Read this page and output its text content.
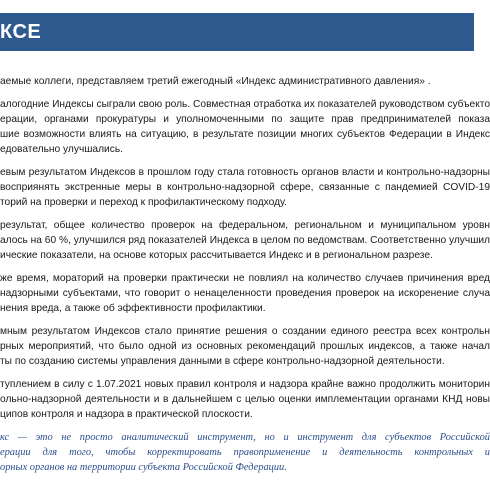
КСЕ

аемые коллеги, представляем третий ежегодный «Индекс административного давления» .

алогодние Индексы сыграли свою роль. Совместная отработка их показателей руководством субъекто
ерации, органами прокуратуры и уполномоченными по защите прав предпринимателей показа
шие возможности влиять на ситуацию, в результате позиции многих субъектов Федерации в Индекс
едовательно улучшались.

евым результатом Индексов в прошлом году стала готовность органов власти и контрольно-надзорны
восприянять экстренные меры в контрольно-надзорной сфере, связанные с пандемией COVID-19
торий на проверки и переход к профилактическому подходу.

результат, общее количество проверок на федеральном, региональном и муниципальном уровн
алось на 60 %, улучшился ряд показателей Индекса в целом по ведомствам. Соответственно улучшил
ические показатели, на основе которых рассчитывается Индекс и в региональном разрезе.

же время, мораторий на проверки практически не повлиял на количество случаев причинения вред
надзорными субъектами, что говорит о ненацеленности проведения проверок на искоренение случа
нения вреда, а также об эффективности профилактики.

мным результатом Индексов стало принятие решения о создании единого реестра всех контрольн
рных мероприятий, что было одной из основных рекомендаций прошлых индексов, а также начал
ты по созданию системы управления данными в сфере контрольно-надзорной деятельности.

туплением в силу с 1.07.2021 новых правил контроля и надзора крайне важно продолжить мониторин
ольно-надзорной деятельности и в дальнейшем с целью оценки имплементации органами КНД новы
ципов контроля и надзора в практической плоскости.

кс — это не просто аналитический инструмент, но и инструмент для субъектов Российской
ерации для того, чтобы корректировать правоприменение и деятельность контрольных и
орных органов на территории субъекта Российской Федерации.
